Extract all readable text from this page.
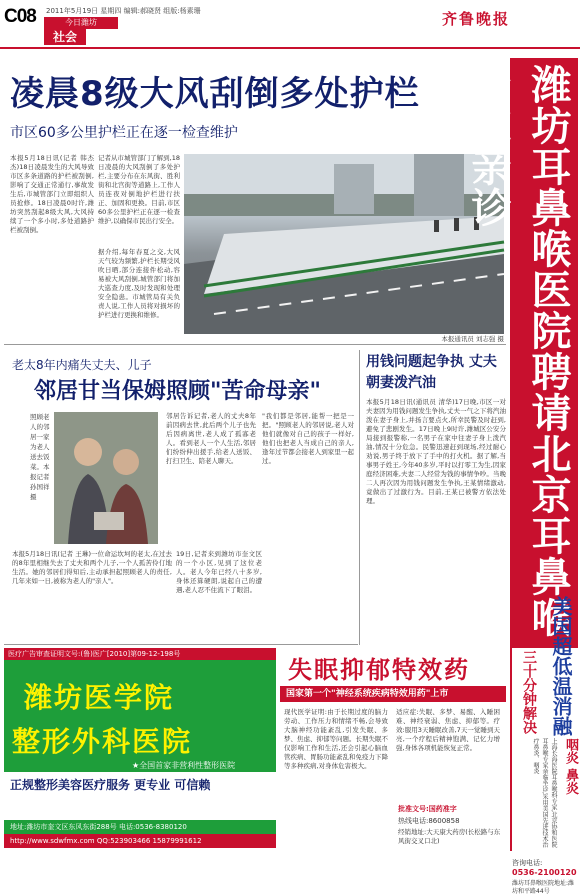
C08 2011年5月19日 星期四 编辑:郝晓贤 组版:杨素珊
今日潍坊
社会
齐鲁晚报
凌晨8级大风刮倒多处护栏
市区60多公里护栏正在逐一检查维护
本报5月18日讯(记者 韩杰杰)18日凌晨发生的大风导致市区多条道路的护栏被刮倒,影响了交通正常通行,事故发生后,市城管部门立即组织人员抢修。18日凌晨0时许,潍坊突然刮起8级大风,大风持续了一个多小时,多处道路护栏被刮倒。
记者从市城管部门了解到,18日凌晨的大风刮倒了多处护栏,主要分布在东风街、胜利街和北宫街等道路上,工作人员连夜对倒地护栏进行扶正、加固和更换。目前,市区60多公里护栏正在逐一检查维护,以确保市民出行安全。
据介绍,每年春夏之交,大风天气较为频繁,护栏长期受风吹日晒,部分连接件松动,容易被大风刮倒,城管部门将加大巡查力度,及时发现和处理安全隐患。市城管局有关负责人说,工作人员将对损坏的护栏进行更换和维修。
本报通讯员 刘志强 摄
老太8年内痛失丈夫、儿子
邻居甘当保姆照顾"苦命母亲"
照顾老人的邻居一家为老人送去饭菜。本报记者孙国祥 摄
本报5月18日讯(记者 王琳)一位命运坎坷的老太,在过去的8年里相继失去了丈夫和两个儿子,一个人孤苦伶仃地生活。她的邻居们得知后,主动承担起照顾老人的责任,几年来如一日,被称为老人的"亲人"。
19日,记者来到潍坊市奎文区的一个小区,见到了这位老人。老人今年已经八十多岁,身体还算硬朗,说起自己的遭遇,老人忍不住流下了眼泪。
邻居告诉记者,老人的丈夫8年前因病去世,此后两个儿子也先后因病离世,老人成了孤寡老人。看到老人一个人生活,邻居们纷纷伸出援手,给老人送饭、打扫卫生、陪老人聊天。
"我们都是邻居,能帮一把是一把。"照顾老人的邻居说,老人对他们就像对自己的孩子一样好,他们也把老人当成自己的亲人,逢年过节都会接老人到家里一起过。
用钱问题起争执 丈夫朝妻泼汽油
本报5月18日讯(通讯员 清华)17日晚,市区一对夫妻因为用钱问题发生争执,丈夫一气之下将汽油泼在妻子身上,并扬言要点火,所幸民警及时赶到,避免了悲剧发生。17日晚上9时许,潍城区公安分局接到报警称,一名男子在家中往妻子身上泼汽油,情况十分危急。民警迅速赶到现场,经过耐心劝说,男子终于放下了手中的打火机。据了解,当事男子姓王,今年40多岁,平时以打零工为生,因家庭经济困难,夫妻二人经常为钱的事情争吵。当晚二人再次因为用钱问题发生争执,王某情绪激动,竟做出了过激行为。目前,王某已被警方依法处理。	潍坊耳鼻喉医院聘请北京耳鼻喉专家亲诊
美国超低温消融
三十分钟解决
上海长海医院耳鼻喉科专家,北京协和医院耳鼻喉专家亲临坐诊,采用美国先进技术治疗鼻炎、咽炎	咽炎 鼻炎
咨询电话:
0536-2100120
潍坊耳鼻喉医院地址:潍坊和平路44号
医疗广告审查证明文号:(鲁)医广[2010]第09-12-198号
潍坊医学院
整形外科医院
★全国首家非营利性整形医院
正规整形美容医疗服务 更专业 可信赖
地址:潍坊市奎文区东风东街288号 电话:0536-8380120
http://www.sdwfmx.com QQ:523903466 15879991612
失眠抑郁特效药
国家第一个"神经系统疾病特效用药"上市
现代医学证明:由于长期过度的脑力劳动、工作压力和情绪不畅,会导致大脑神经功能紊乱,引发失眠、多梦、焦虑、抑郁等问题。长期失眠不仅影响工作和生活,还会引起心脑血管疾病、胃肠功能紊乱和免疫力下降等多种疾病,对身体危害极大。
适应症:失眠、多梦、易醒、入睡困难、神经衰弱、焦虑、抑郁等。疗效:服用3天睡眠改善,7天一觉睡到天亮,一个疗程后精神饱满、记忆力增强,身体各项机能恢复正常。
批准文号:国药准字
热线电话:8600858
经销地址:大天康大药房(长松路与东风街交叉口北)
